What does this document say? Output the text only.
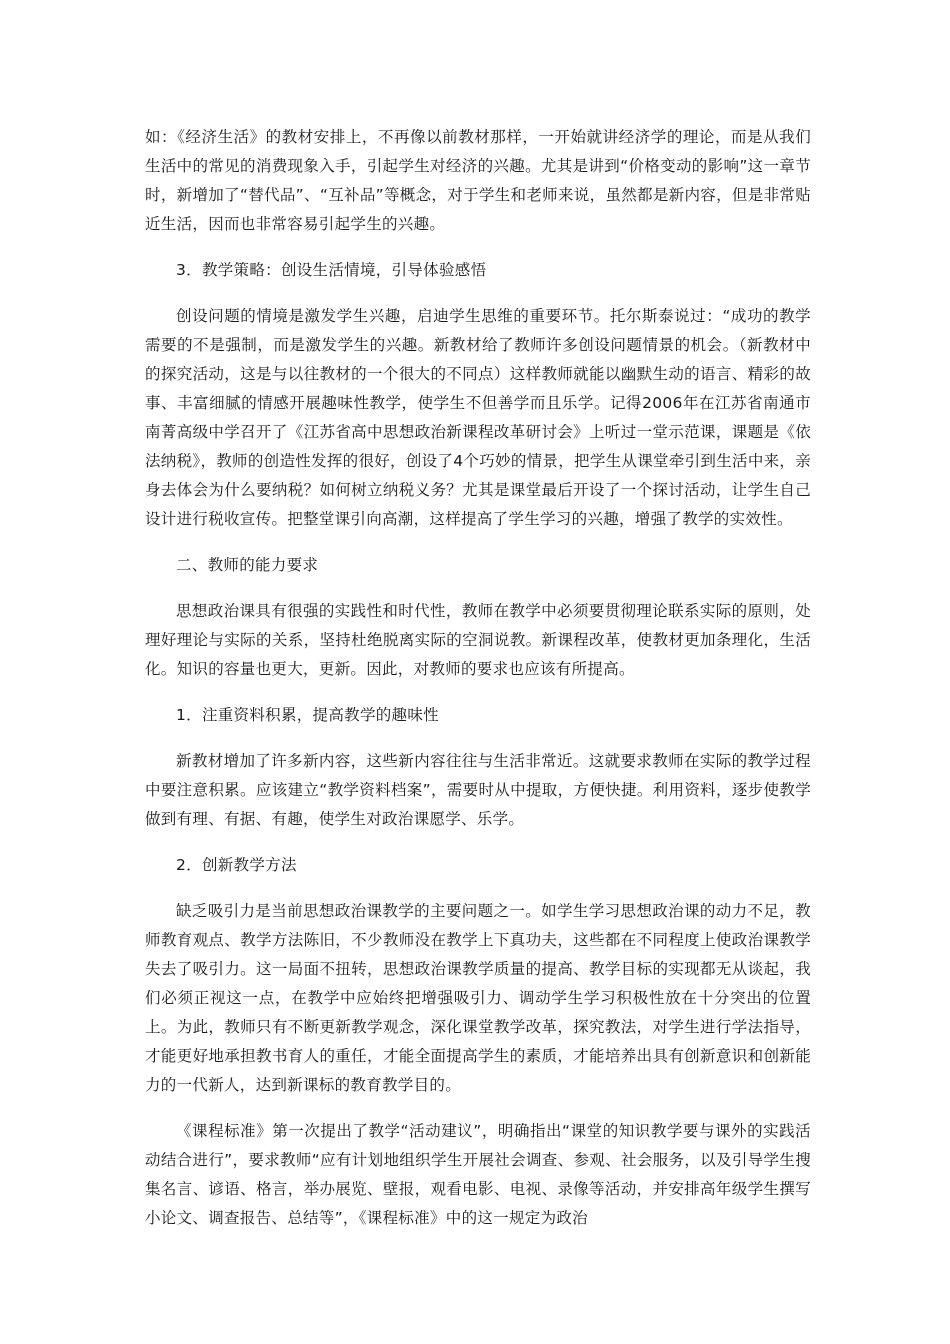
如：《经济生活》的教材安排上，不再像以前教材那样，一开始就讲经济学的理论，而是从我们生活中的常见的消费现象入手，引起学生对经济的兴趣。尤其是讲到“价格变动的影响”这一章节时，新增加了“替代品”、“互补品”等概念，对于学生和老师来说，虽然都是新内容，但是非常贴近生活，因而也非常容易引起学生的兴趣。

3．教学策略：创设生活情境，引导体验感悟

创设问题的情境是激发学生兴趣，启迪学生思维的重要环节。托尔斯泰说过：“成功的教学需要的不是强制，而是激发学生的兴趣。新教材给了教师许多创设问题情景的机会。（新教材中的探究活动，这是与以往教材的一个很大的不同点）这样教师就能以幽默生动的语言、精彩的故事、丰富细腻的情感开展趣味性教学，使学生不但善学而且乐学。记得2006年在江苏省南通市南菁高级中学召开了《江苏省高中思想政治新课程改革研讨会》上听过一堂示范课，课题是《依法纳税》，教师的创造性发挥的很好，创设了4个巧妙的情景，把学生从课堂牵引到生活中来，亲身去体会为什么要纳税？如何树立纳税义务？尤其是课堂最后开设了一个探讨活动，让学生自己设计进行税收宣传。把整堂课引向高潮，这样提高了学生学习的兴趣，增强了教学的实效性。

二、教师的能力要求

思想政治课具有很强的实践性和时代性，教师在教学中必须要贯彻理论联系实际的原则，处理好理论与实际的关系，坚持杜绝脱离实际的空洞说教。新课程改革，使教材更加条理化，生活化。知识的容量也更大，更新。因此，对教师的要求也应该有所提高。

1．注重资料积累，提高教学的趣味性

新教材增加了许多新内容，这些新内容往往与生活非常近。这就要求教师在实际的教学过程中要注意积累。应该建立“教学资料档案”，需要时从中提取，方便快捷。利用资料，逐步使教学做到有理、有据、有趣，使学生对政治课愿学、乐学。

2．创新教学方法

缺乏吸引力是当前思想政治课教学的主要问题之一。如学生学习思想政治课的动力不足，教师教育观点、教学方法陈旧，不少教师没在教学上下真功夫，这些都在不同程度上使政治课教学失去了吸引力。这一局面不扭转，思想政治课教学质量的提高、教学目标的实现都无从谈起，我们必须正视这一点，在教学中应始终把增强吸引力、调动学生学习积极性放在十分突出的位置上。为此，教师只有不断更新教学观念，深化课堂教学改革，探究教法，对学生进行学法指导，才能更好地承担教书育人的重任，才能全面提高学生的素质，才能培养出具有创新意识和创新能力的一代新人，达到新课标的教育教学目的。

《课程标准》第一次提出了教学“活动建议”，明确指出“课堂的知识教学要与课外的实践活动结合进行”，要求教师“应有计划地组织学生开展社会调查、参观、社会服务，以及引导学生搜集名言、谚语、格言，举办展览、壁报，观看电影、电视、录像等活动，并安排高年级学生撰写小论文、调查报告、总结等”，《课程标准》中的这一规定为政治
